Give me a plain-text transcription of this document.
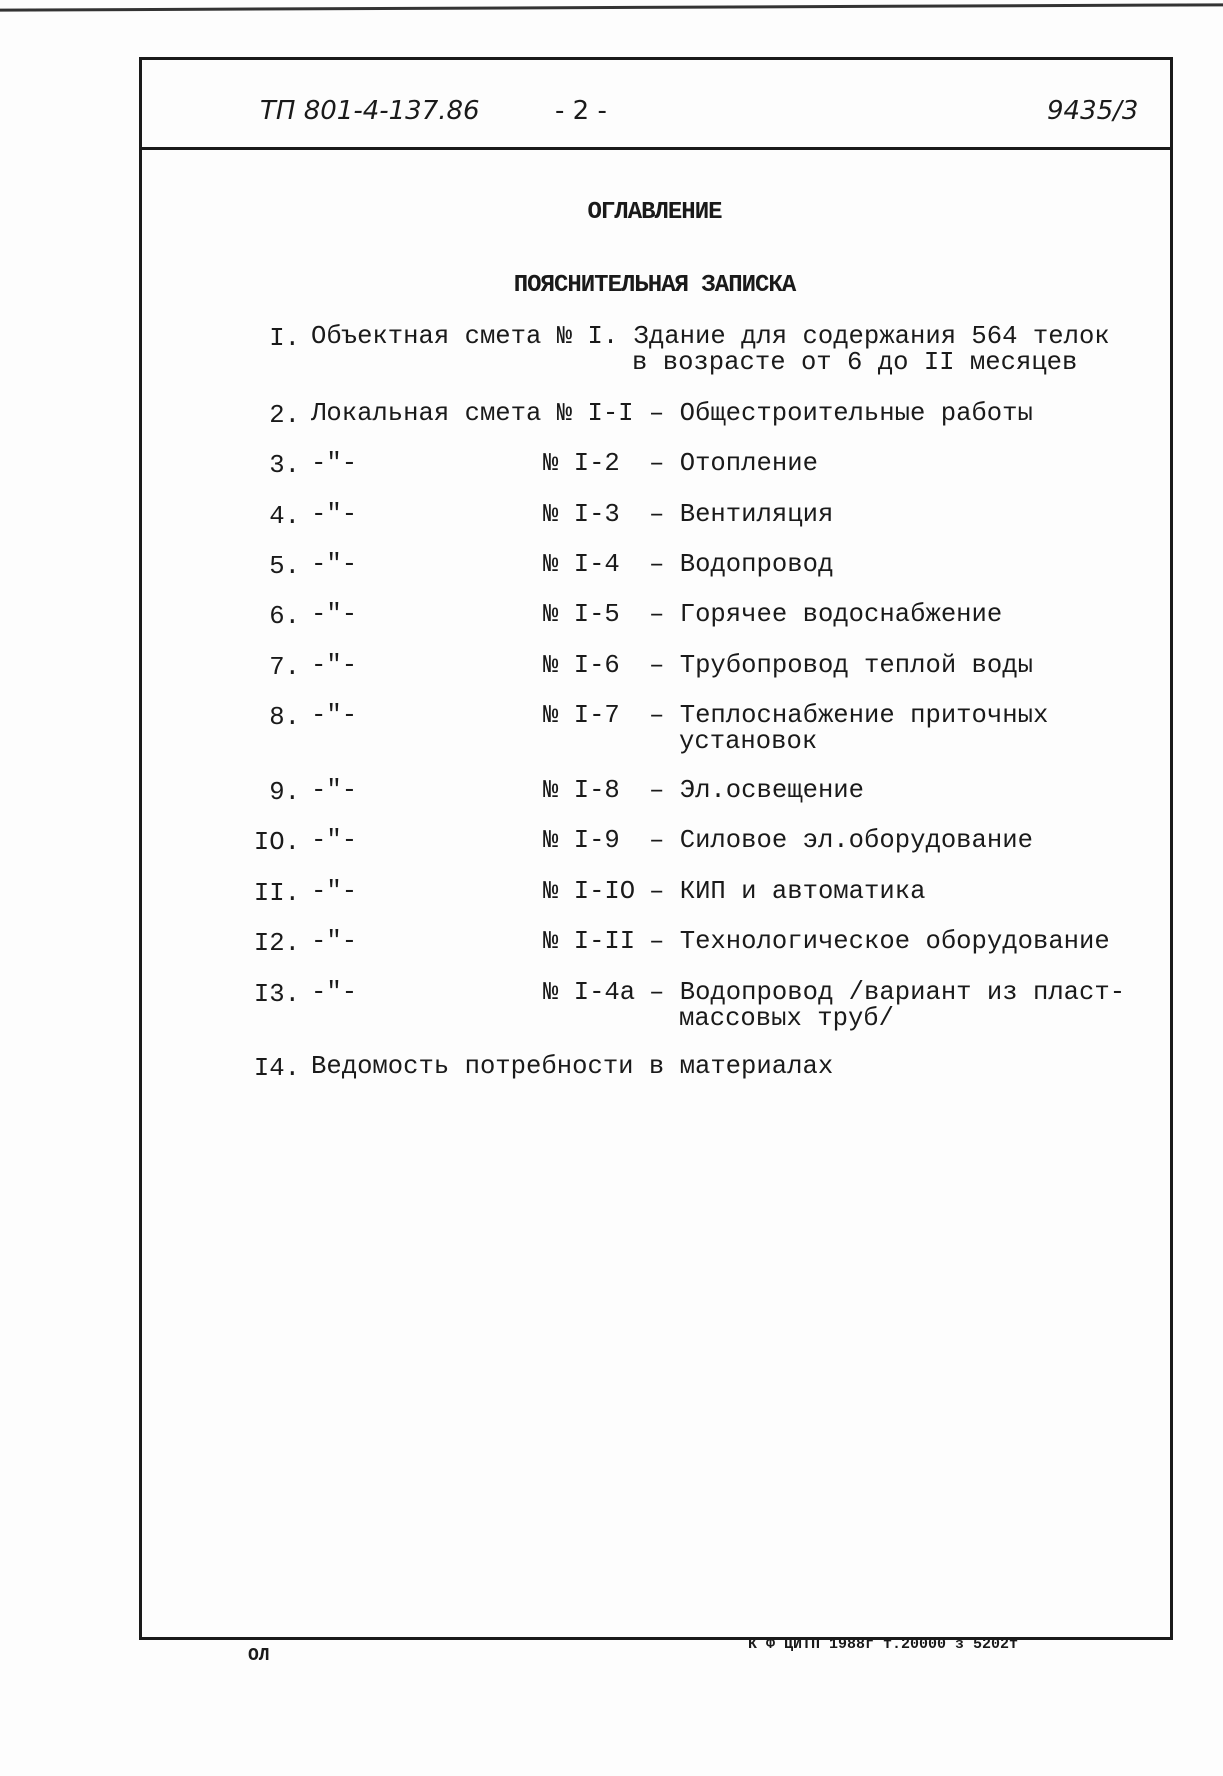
ТП 801-4-137.86	- 2 -	9435/3
ОГЛАВЛЕНИЕ
ПОЯСНИТЕЛЬНАЯ ЗАПИСКА
I. Объектная смета № I. Здание для содержания 564 телок
в возрасте от 6 до II месяцев
2. Локальная смета № I-I – Общестроительные работы
3. -"-	№ I-2 – Отопление
4. -"-	№ I-3 – Вентиляция
5. -"-	№ I-4 – Водопровод
6. -"-	№ I-5 – Горячее водоснабжение
7. -"-	№ I-6 – Трубопровод теплой воды
8. -"-	№ I-7 – Теплоснабжение приточных
установок
9. -"-	№ I-8 – Эл.освещение
IO. -"-	№ I-9 – Силовое эл.оборудование
II. -"-	№ I-IO – КИП и автоматика
I2. -"-	№ I-II – Технологическое оборудование
I3. -"-	№ I-4а – Водопровод /вариант из пласт-
массовых труб/
I4. Ведомость потребности в материалах
ОЛ
К Ф ЦИТП 1988г т.20000 з 5202т
